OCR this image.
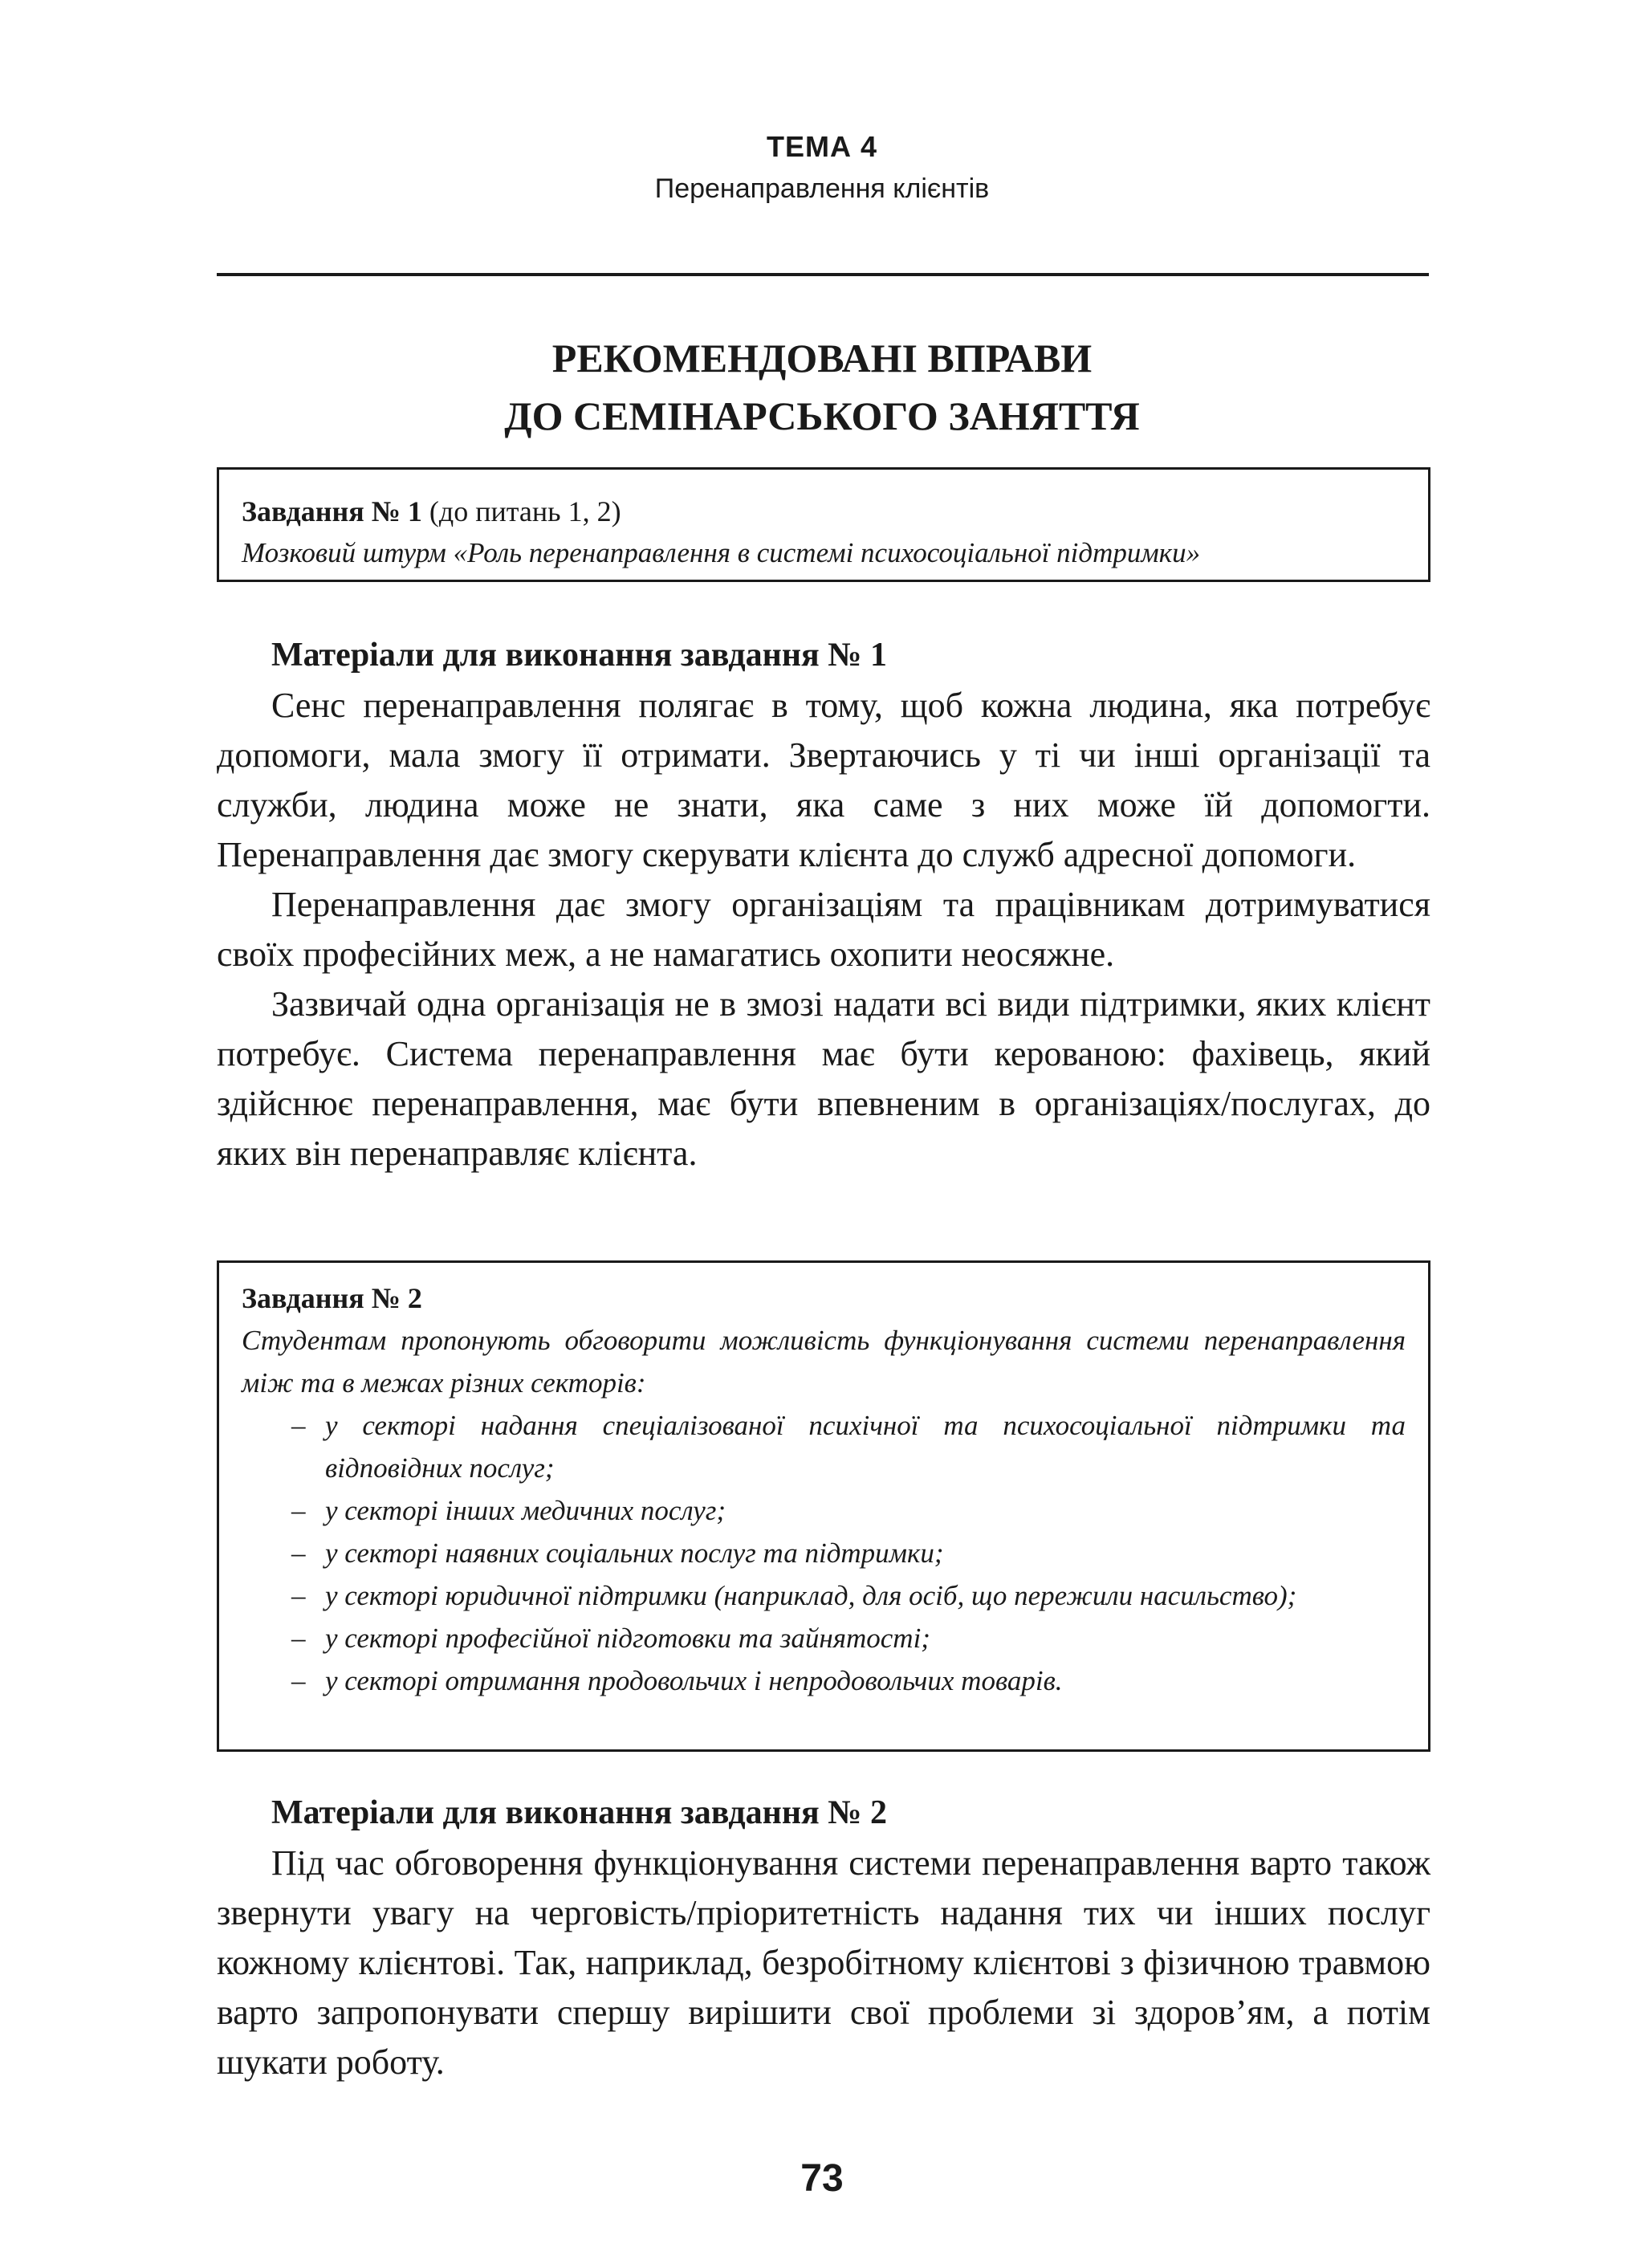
ТЕМА 4
Перенаправлення клієнтів
РЕКОМЕНДОВАНІ ВПРАВИ
ДО СЕМІНАРСЬКОГО ЗАНЯТТЯ
Завдання № 1 (до питань 1, 2)
Мозковий штурм «Роль перенаправлення в системі психосоціальної підтримки»
Матеріали для виконання завдання № 1

Сенс перенаправлення полягає в тому, щоб кожна людина, яка потребує допомоги, мала змогу її отримати. Звертаючись у ті чи інші організації та служби, людина може не знати, яка саме з них може їй допомогти. Перенаправлення дає змогу скерувати клієнта до служб адресної допомоги.

Перенаправлення дає змогу організаціям та працівникам дотримуватися своїх професійних меж, а не намагатись охопити неосяжне.

Зазвичай одна організація не в змозі надати всі види підтримки, яких клієнт потребує. Система перенаправлення має бути керованою: фахівець, який здійснює перенаправлення, має бути впевненим в організаціях/послугах, до яких він перенаправляє клієнта.

Завдання № 2

Студентам пропонують обговорити можливість функціонування системи перенаправлення між та в межах різних секторів:

– у секторі надання спеціалізованої психічної та психосоціальної підтримки та відповідних послуг;
– у секторі інших медичних послуг;
– у секторі наявних соціальних послуг та підтримки;
– у секторі юридичної підтримки (наприклад, для осіб, що пережили насильство);
– у секторі професійної підготовки та зайнятості;
– у секторі отримання продовольчих і непродовольчих товарів.
Матеріали для виконання завдання № 2

Під час обговорення функціонування системи перенаправлення варто також звернути увагу на черговість/пріоритетність надання тих чи інших послуг кожному клієнтові. Так, наприклад, безробітному клієнтові з фізичною травмою варто запропонувати спершу вирішити свої проблеми зі здоров’ям, а потім шукати роботу.

73
